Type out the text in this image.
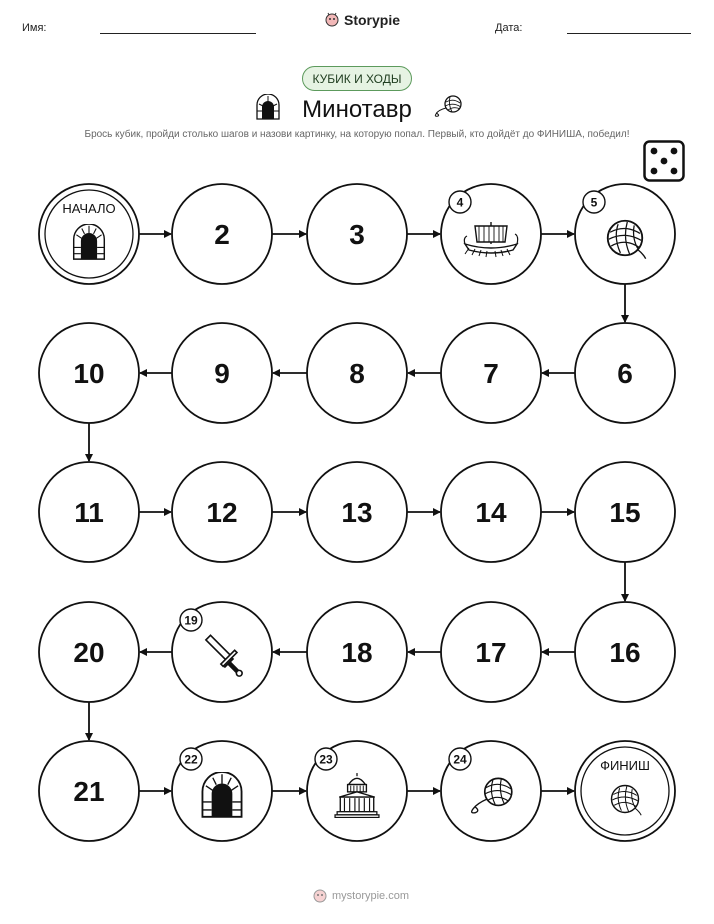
Имя:	Storypie	Дата:
КУБИК И ХОДЫ
Минотавр
Брось кубик, пройди столько шагов и назови картинку, на которую попал. Первый, кто дойдёт до ФИНИША, победил!
НАЧАЛО
2	3
4	5
6
7
8
9
10
11	12	13	14	15
16
17
18
19
20
21
22	23	24	ФИНИШ
mystorypie.com
